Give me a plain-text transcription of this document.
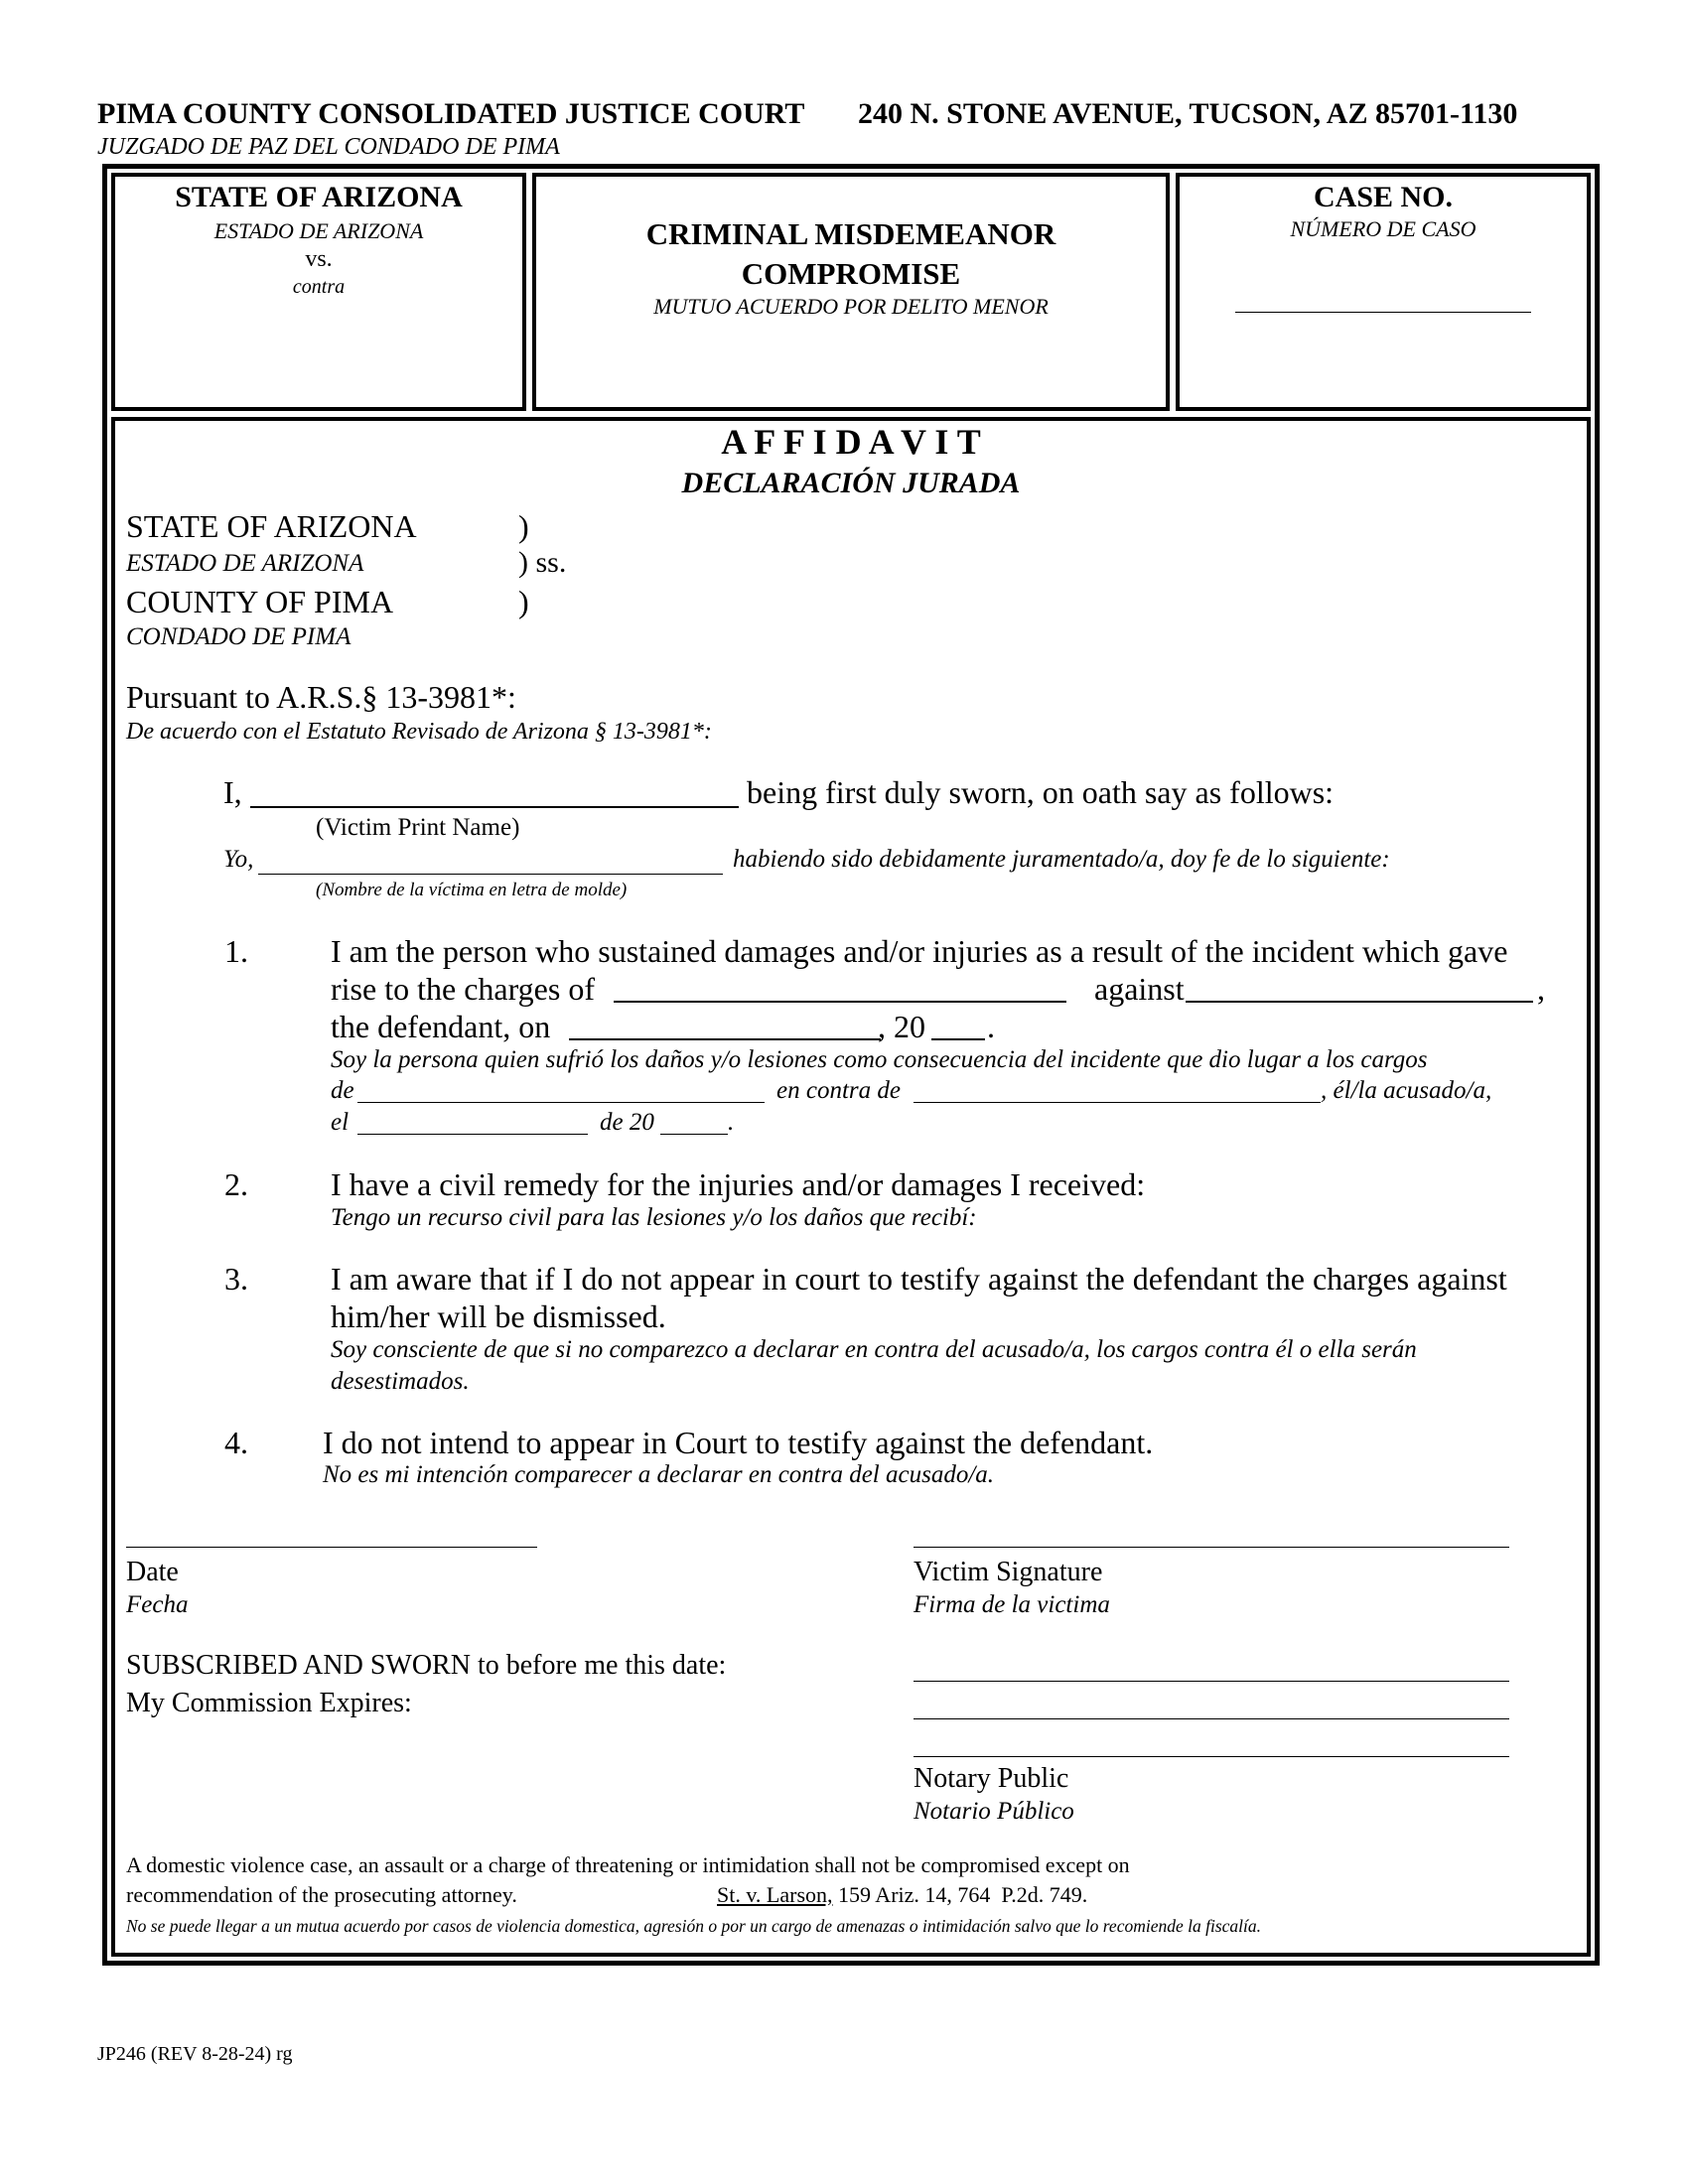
PIMA COUNTY CONSOLIDATED JUSTICE COURT 240 N. STONE AVENUE, TUCSON, AZ 85701-1130
JUZGADO DE PAZ DEL CONDADO DE PIMA
STATE OF ARIZONA
ESTADO DE ARIZONA
vs.
contra
CRIMINAL MISDEMEANOR
COMPROMISE
MUTUO ACUERDO POR DELITO MENOR
CASE NO.
NÚMERO DE CASO
A F F I D A V I T
DECLARACIÓN JURADA
STATE OF ARIZONA	)
ESTADO DE ARIZONA	) ss.
COUNTY OF PIMA	)
CONDADO DE PIMA
Pursuant to A.R.S.§ 13-3981*:
De acuerdo con el Estatuto Revisado de Arizona § 13-3981*:
I,	being first duly sworn, on oath say as follows:
(Victim Print Name)
Yo,	habiendo sido debidamente juramentado/a, doy fe de lo siguiente:
(Nombre de la víctima en letra de molde)
1.	I am the person who sustained damages and/or injuries as a result of the incident which gave
rise to the charges of	against	,
the defendant, on	, 20 .
Soy la persona quien sufrió los daños y/o lesiones como consecuencia del incidente que dio lugar a los cargos
de	en contra de	, él/la acusado/a,
el	de 20	.
2.	I have a civil remedy for the injuries and/or damages I received:
Tengo un recurso civil para las lesiones y/o los daños que recibí:
3.	I am aware that if I do not appear in court to testify against the defendant the charges against
him/her will be dismissed.
Soy consciente de que si no comparezco a declarar en contra del acusado/a, los cargos contra él o ella serán
desestimados.
4. I do not intend to appear in Court to testify against the defendant.
No es mi intención comparecer a declarar en contra del acusado/a.
Date
Fecha
Victim Signature
Firma de la victima
SUBSCRIBED AND SWORN to before me this date:
My Commission Expires:
Notary Public
Notario Público
A domestic violence case, an assault or a charge of threatening or intimidation shall not be compromised except on
recommendation of the prosecuting attorney.	St. v. Larson, 159 Ariz. 14, 764  P.2d. 749.
No se puede llegar a un mutua acuerdo por casos de violencia domestica, agresión o por un cargo de amenazas o intimidación salvo que lo recomiende la fiscalía.
JP246 (REV 8-28-24) rg
